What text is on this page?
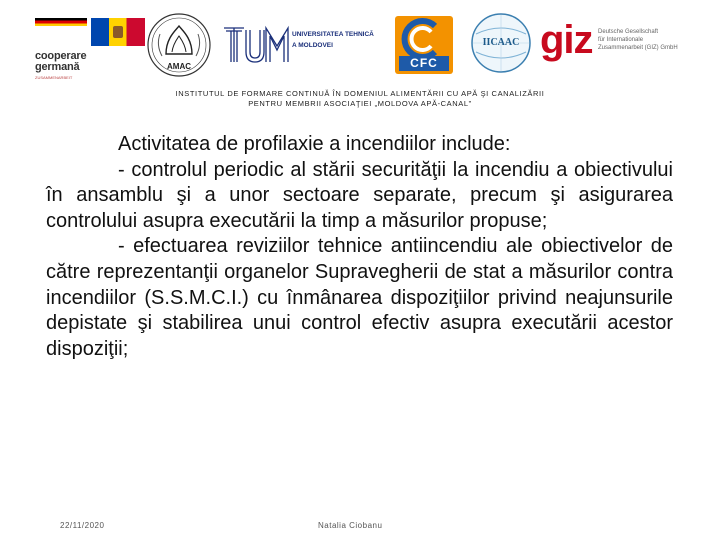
cooperare
germană
ZUSAMMENARBEIT
AMAC
UNIVERSITATEA TEHNICĂ
A MOLDOVEI
CFC
IICAAC giz Deutsche Gesellschaft
für Internationale
Zusammenarbeit (GIZ) GmbH
INSTITUTUL DE FORMARE CONTINUĂ ÎN DOMENIUL ALIMENTĂRII CU APĂ ŞI CANALIZĂRII
PENTRU MEMBRII ASOCIAŢIEI „MOLDOVA APĂ-CANAL”

Activitatea de profilaxie a incendiilor include:

- controlul periodic al stării securităţii la incendiu a obiectivului în ansamblu şi a unor sectoare separate, precum şi asigurarea controlului asupra executării la timp a măsurilor propuse;

- efectuarea reviziilor tehnice antiincendiu ale obiectivelor de către reprezentanţii organelor Supravegherii de stat a măsurilor contra incendiilor (S.S.M.C.I.) cu înmânarea dispoziţiilor privind neajunsurile depistate şi stabilirea unui control efectiv asupra executării acestor dispoziţii;

22/11/2020	Natalia Ciobanu
